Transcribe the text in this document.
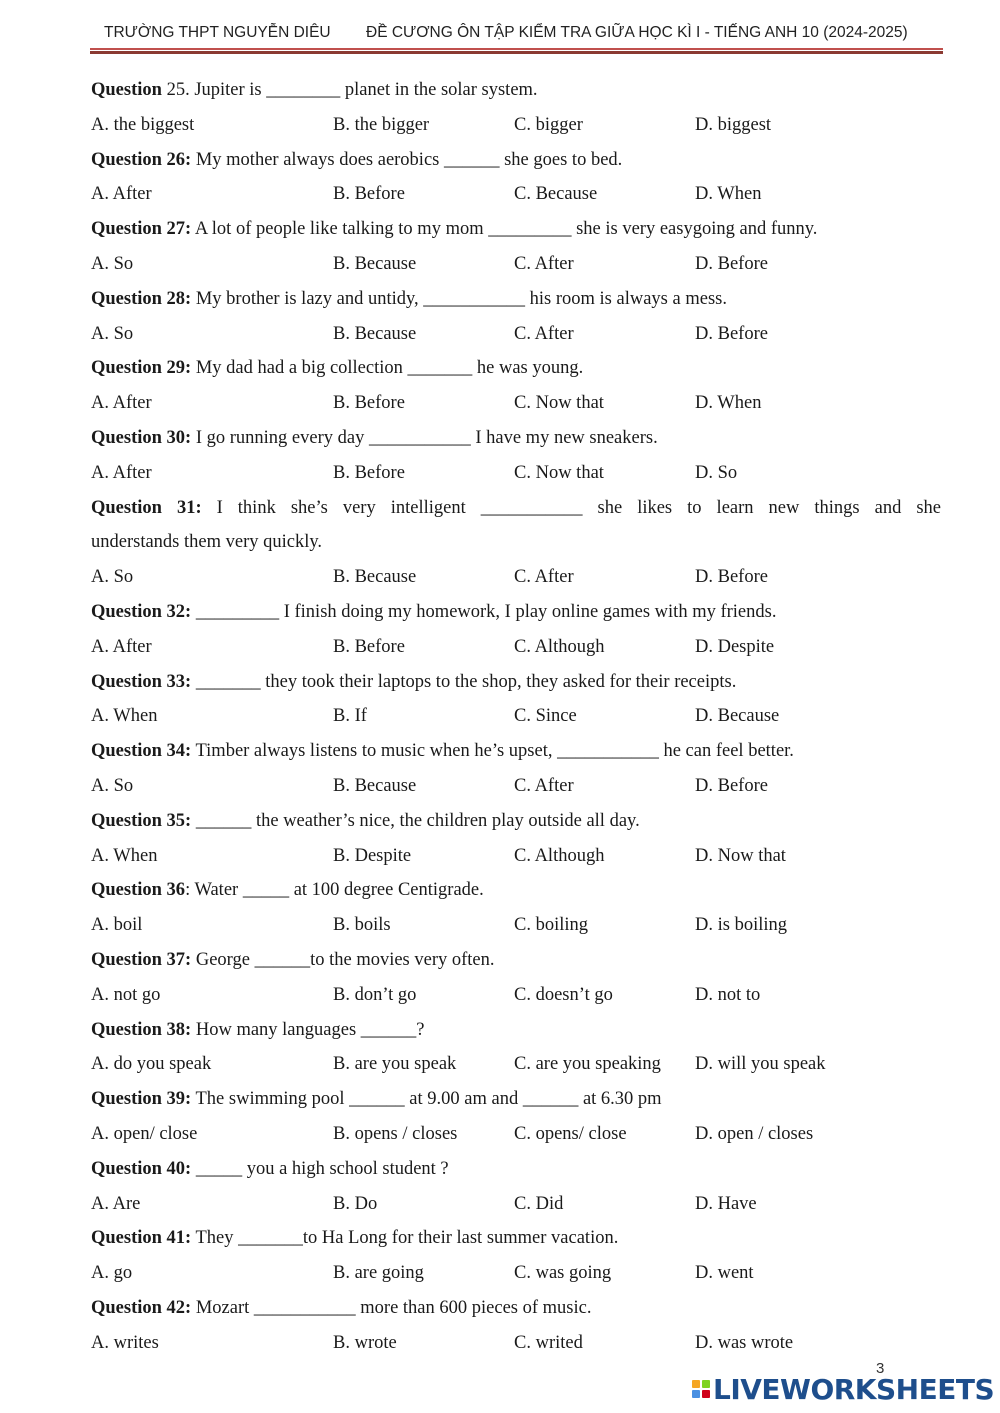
TRƯỜNG THPT NGUYỄN DIÊU ĐỀ CƯƠNG ÔN TẬP KIỂM TRA GIỮA HỌC KÌ I - TIẾNG ANH 10 (2024-2025)
Question 25. Jupiter is ________ planet in the solar system.
A. the biggest	B. the bigger	C. bigger	D. biggest
Question 26: My mother always does aerobics ______ she goes to bed.
A. After	B. Before	C. Because	D. When
Question 27: A lot of people like talking to my mom _________ she is very easygoing and funny.
A. So	B. Because	C. After	D. Before
Question 28: My brother is lazy and untidy, ___________ his room is always a mess.
A. So	B. Because	C. After	D. Before
Question 29: My dad had a big collection _______ he was young.
A. After	B. Before	C. Now that	D. When
Question 30: I go running every day ___________ I have my new sneakers.
A. After	B. Before	C. Now that	D. So
Question 31: I think she’s very intelligent ___________ she likes to learn new things and she
understands them very quickly.
A. So	B. Because	C. After	D. Before
Question 32: _________ I finish doing my homework, I play online games with my friends.
A. After	B. Before	C. Although	D. Despite
Question 33: _______ they took their laptops to the shop, they asked for their receipts.
A. When	B. If	C. Since	D. Because
Question 34: Timber always listens to music when he’s upset, ___________ he can feel better.
A. So	B. Because	C. After	D. Before
Question 35: ______ the weather’s nice, the children play outside all day.
A. When	B. Despite	C. Although	D. Now that
Question 36: Water _____ at 100 degree Centigrade.
A. boil	B. boils	C. boiling	D. is boiling
Question 37: George ______to the movies very often.
A. not go	B. don’t go	C. doesn’t go	D. not to
Question 38: How many languages ______?
A. do you speak	B. are you speak	C. are you speaking D. will you speak
Question 39: The swimming pool ______ at 9.00 am and ______ at 6.30 pm
A. open/ close	B. opens / closes	C. opens/ close	D. open / closes
Question 40: _____ you a high school student ?
A. Are	B. Do	C. Did	D. Have
Question 41: They _______to Ha Long for their last summer vacation.
A. go	B. are going	C. was going	D. went
Question 42: Mozart ___________ more than 600 pieces of music.
A. writes	B. wrote	C. writed	D. was wrote
3
LIVEWORKSHEETS
